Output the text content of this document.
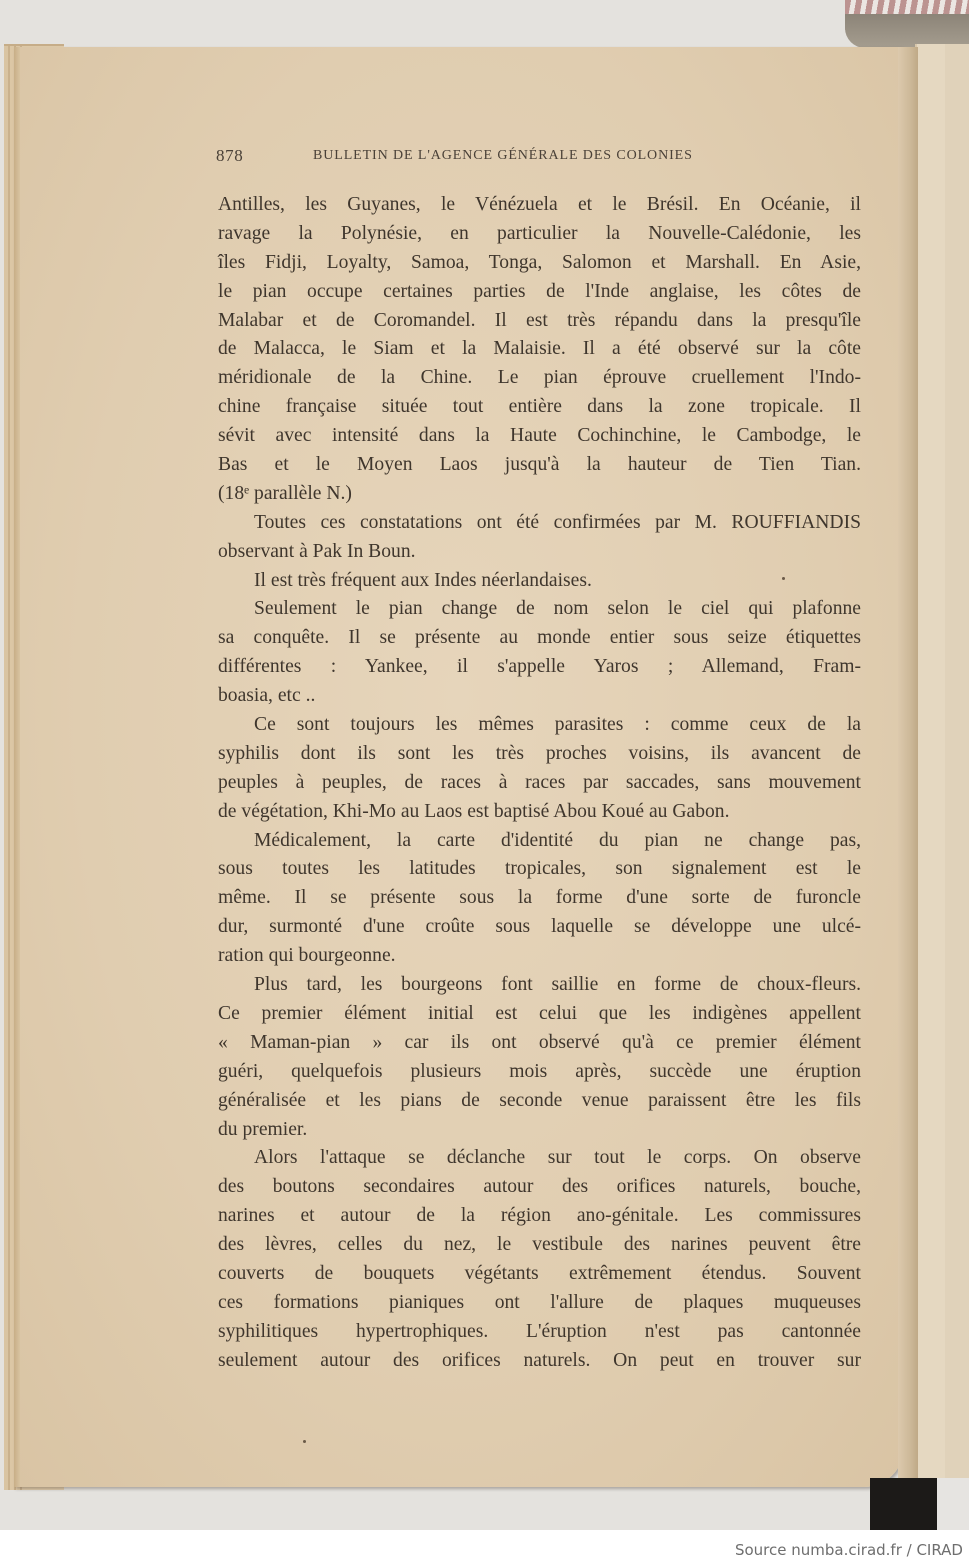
878	BULLETIN DE L'AGENCE GÉNÉRALE DES COLONIES
Antilles, les Guyanes, le Vénézuela et le Brésil. En Océanie, il
ravage la Polynésie, en particulier la Nouvelle-Calédonie, les
îles Fidji, Loyalty, Samoa, Tonga, Salomon et Marshall. En Asie,
le pian occupe certaines parties de l'Inde anglaise, les côtes de
Malabar et de Coromandel. Il est très répandu dans la presqu'île
de Malacca, le Siam et la Malaisie. Il a été observé sur la côte
méridionale de la Chine. Le pian éprouve cruellement l'Indo-
chine française située tout entière dans la zone tropicale. Il
sévit avec intensité dans la Haute Cochinchine, le Cambodge, le
Bas et le Moyen Laos jusqu'à la hauteur de Tien Tian.
(18ᵉ parallèle N.)
Toutes ces constatations ont été confirmées par M. ROUFFIANDIS
observant à Pak In Boun.
Il est très fréquent aux Indes néerlandaises.
Seulement le pian change de nom selon le ciel qui plafonne
sa conquête. Il se présente au monde entier sous seize étiquettes
différentes : Yankee, il s'appelle Yaros ; Allemand, Fram-
boasia, etc ..
Ce sont toujours les mêmes parasites : comme ceux de la
syphilis dont ils sont les très proches voisins, ils avancent de
peuples à peuples, de races à races par saccades, sans mouvement
de végétation, Khi-Mo au Laos est baptisé Abou Koué au Gabon.
Médicalement, la carte d'identité du pian ne change pas,
sous toutes les latitudes tropicales, son signalement est le
même. Il se présente sous la forme d'une sorte de furoncle
dur, surmonté d'une croûte sous laquelle se développe une ulcé-
ration qui bourgeonne.
Plus tard, les bourgeons font saillie en forme de choux-fleurs.
Ce premier élément initial est celui que les indigènes appellent
« Maman-pian » car ils ont observé qu'à ce premier élément
guéri, quelquefois plusieurs mois après, succède une éruption
généralisée et les pians de seconde venue paraissent être les fils
du premier.
Alors l'attaque se déclanche sur tout le corps. On observe
des boutons secondaires autour des orifices naturels, bouche,
narines et autour de la région ano-génitale. Les commissures
des lèvres, celles du nez, le vestibule des narines peuvent être
couverts de bouquets végétants extrêmement étendus. Souvent
ces formations pianiques ont l'allure de plaques muqueuses
syphilitiques hypertrophiques. L'éruption n'est pas cantonnée
seulement autour des orifices naturels. On peut en trouver sur
Source numba.cirad.fr / CIRAD
